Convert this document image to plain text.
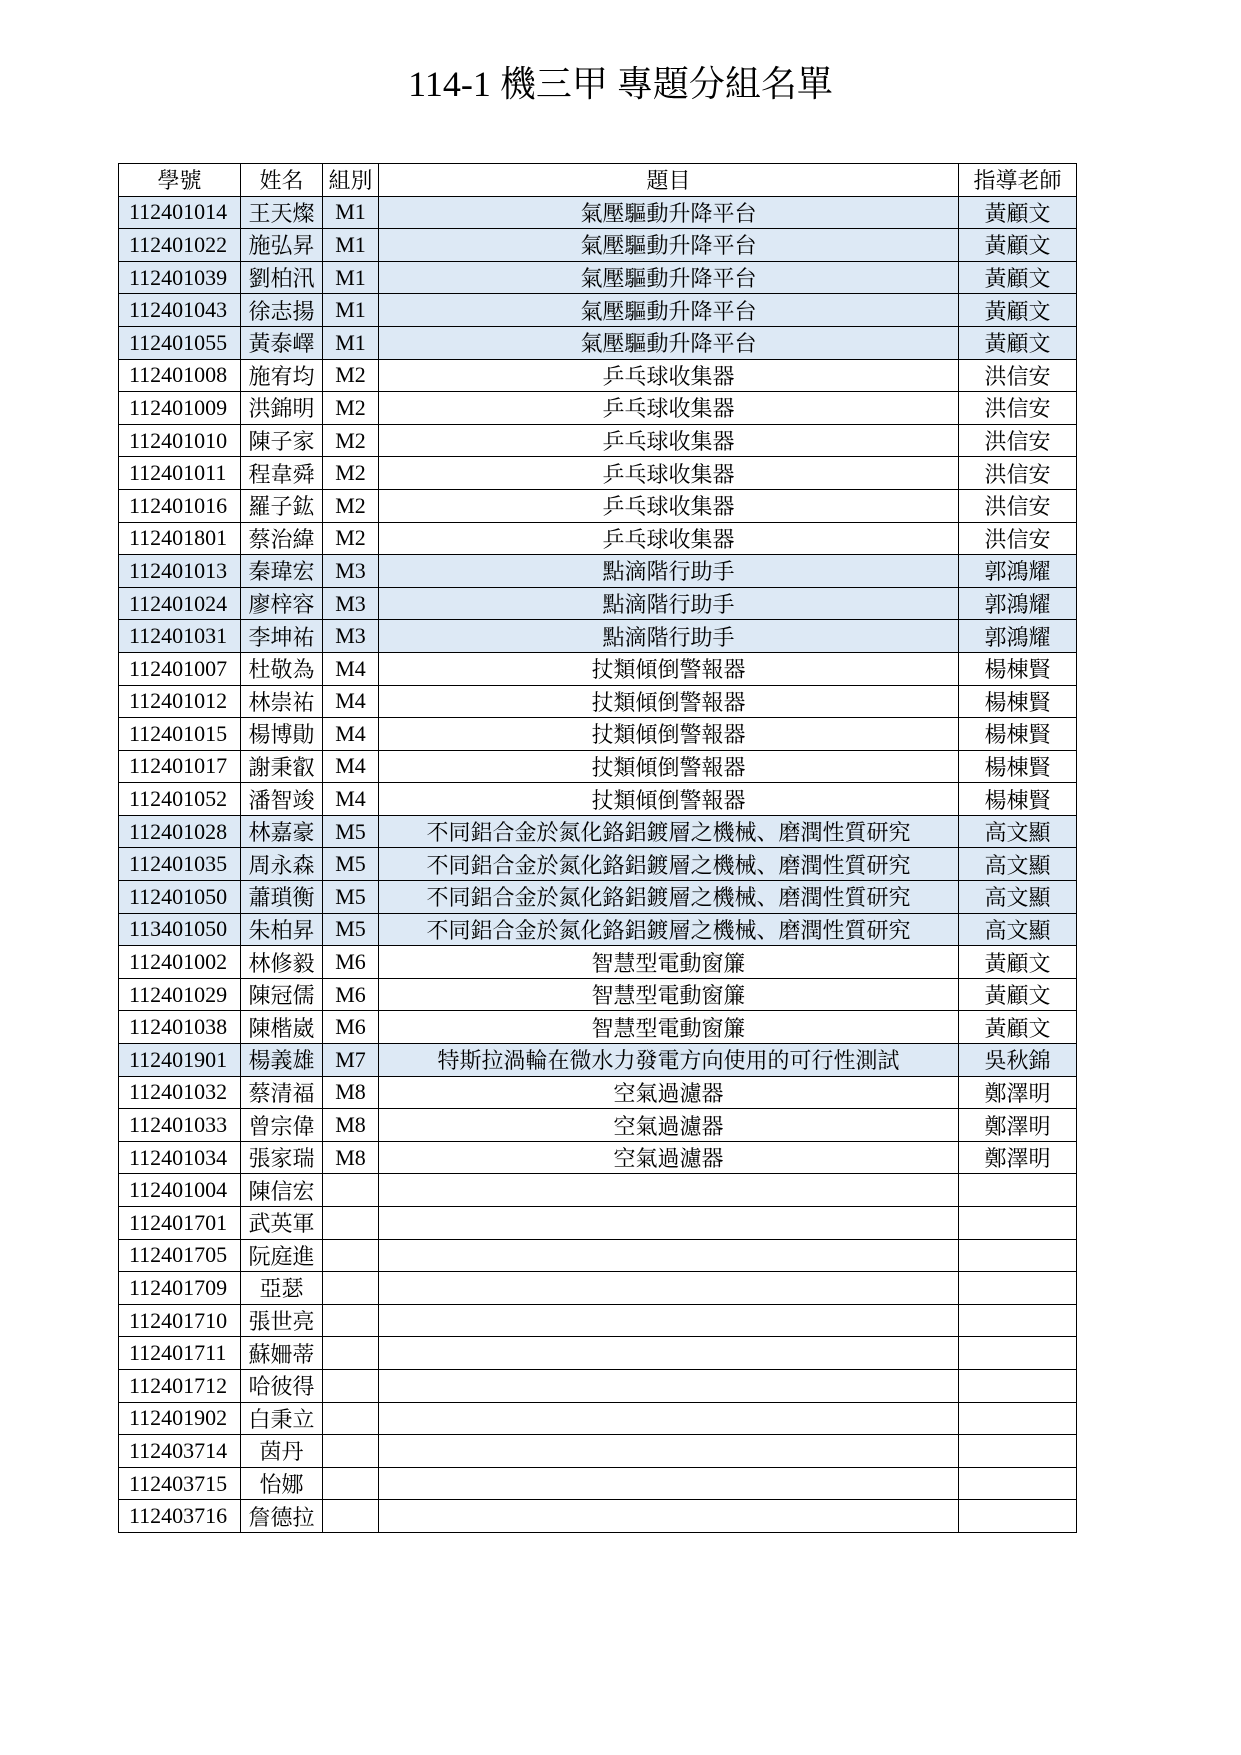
114-1 機三甲 專題分組名單
學號	姓名	組別	題目	指導老師
112401014	王天燦	M1	氣壓驅動升降平台	黃顧文
112401022	施弘昇	M1	氣壓驅動升降平台	黃顧文
112401039	劉柏汛	M1	氣壓驅動升降平台	黃顧文
112401043	徐志揚	M1	氣壓驅動升降平台	黃顧文
112401055	黃泰嶧	M1	氣壓驅動升降平台	黃顧文
112401008	施宥均	M2	乒乓球收集器	洪信安
112401009	洪錦明	M2	乒乓球收集器	洪信安
112401010	陳子家	M2	乒乓球收集器	洪信安
112401011	程韋舜	M2	乒乓球收集器	洪信安
112401016	羅子鈜	M2	乒乓球收集器	洪信安
112401801	蔡治緯	M2	乒乓球收集器	洪信安
112401013	秦瑋宏	M3	點滴階行助手	郭鴻耀
112401024	廖梓容	M3	點滴階行助手	郭鴻耀
112401031	李坤祐	M3	點滴階行助手	郭鴻耀
112401007	杜敬為	M4	扙類傾倒警報器	楊棟賢
112401012	林崇祐	M4	扙類傾倒警報器	楊棟賢
112401015	楊博勛	M4	扙類傾倒警報器	楊棟賢
112401017	謝秉叡	M4	扙類傾倒警報器	楊棟賢
112401052	潘智竣	M4	扙類傾倒警報器	楊棟賢
112401028	林嘉豪	M5	不同鋁合金於氮化鉻鋁鍍層之機械、磨潤性質研究	高文顯
112401035	周永森	M5	不同鋁合金於氮化鉻鋁鍍層之機械、磨潤性質研究	高文顯
112401050	蕭瑣衡	M5	不同鋁合金於氮化鉻鋁鍍層之機械、磨潤性質研究	高文顯
113401050	朱柏昇	M5	不同鋁合金於氮化鉻鋁鍍層之機械、磨潤性質研究	高文顯
112401002	林修毅	M6	智慧型電動窗簾	黃顧文
112401029	陳冠儒	M6	智慧型電動窗簾	黃顧文
112401038	陳楷崴	M6	智慧型電動窗簾	黃顧文
112401901	楊義雄	M7	特斯拉渦輪在微水力發電方向使用的可行性測試	吳秋錦
112401032	蔡清福	M8	空氣過濾器	鄭澤明
112401033	曾宗偉	M8	空氣過濾器	鄭澤明
112401034	張家瑞	M8	空氣過濾器	鄭澤明
112401004	陳信宏			
112401701	武英軍			
112401705	阮庭進			
112401709	亞瑟			
112401710	張世亮			
112401711	蘇姍蒂			
112401712	哈彼得			
112401902	白秉立			
112403714	茵丹			
112403715	怡娜			
112403716	詹德拉			
